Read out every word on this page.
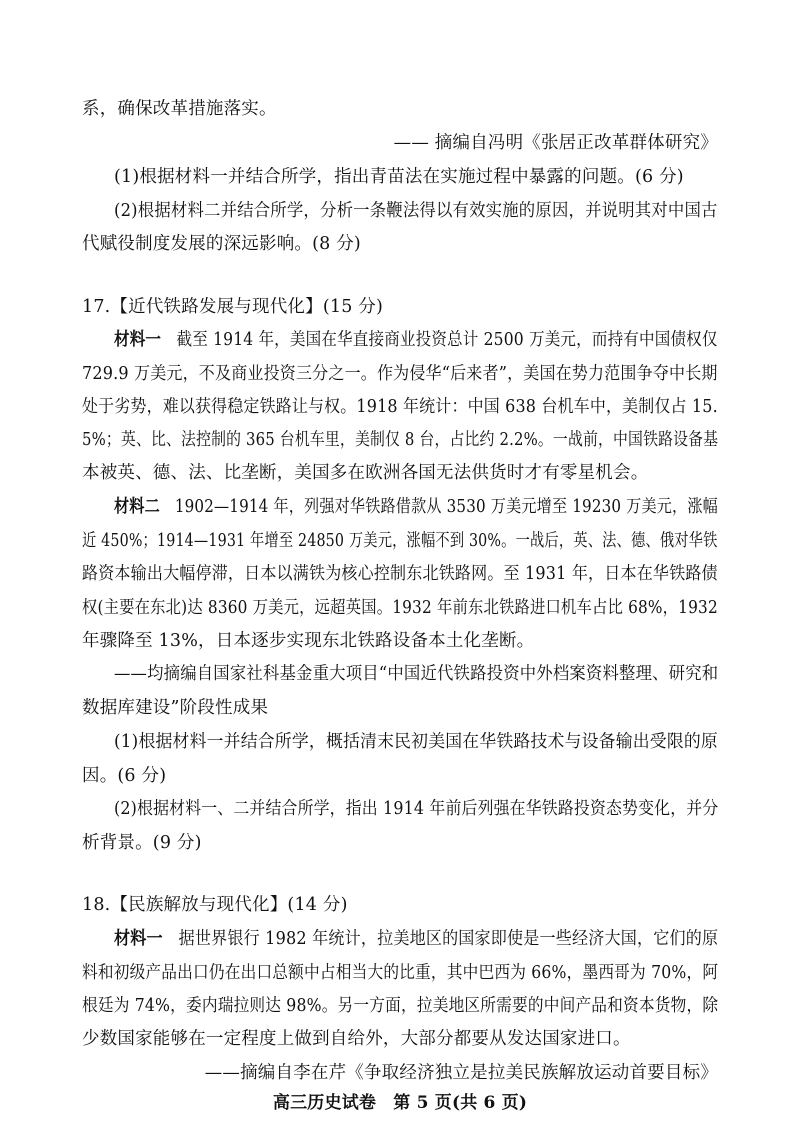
系，确保改革措施落实。
—— 摘编自冯明《张居正改革群体研究》
(1)根据材料一并结合所学，指出青苗法在实施过程中暴露的问题。(6 分)
(2)根据材料二并结合所学，分析一条鞭法得以有效实施的原因，并说明其对中国古
代赋役制度发展的深远影响。(8 分)
17.【近代铁路发展与现代化】(15 分)
材料一 截至 1914 年，美国在华直接商业投资总计 2500 万美元，而持有中国债权仅
729.9 万美元，不及商业投资三分之一。作为侵华“后来者”，美国在势力范围争夺中长期
处于劣势，难以获得稳定铁路让与权。1918 年统计：中国 638 台机车中，美制仅占 15.
5%；英、比、法控制的 365 台机车里，美制仅 8 台，占比约 2.2%。一战前，中国铁路设备基
本被英、德、法、比垄断，美国多在欧洲各国无法供货时才有零星机会。
材料二 1902—1914 年，列强对华铁路借款从 3530 万美元增至 19230 万美元，涨幅
近 450%；1914—1931 年增至 24850 万美元，涨幅不到 30%。一战后，英、法、德、俄对华铁
路资本输出大幅停滞，日本以满铁为核心控制东北铁路网。至 1931 年，日本在华铁路债
权(主要在东北)达 8360 万美元，远超英国。1932 年前东北铁路进口机车占比 68%，1932
年骤降至 13%，日本逐步实现东北铁路设备本土化垄断。
——均摘编自国家社科基金重大项目“中国近代铁路投资中外档案资料整理、研究和
数据库建设”阶段性成果
(1)根据材料一并结合所学，概括清末民初美国在华铁路技术与设备输出受限的原
因。(6 分)
(2)根据材料一、二并结合所学，指出 1914 年前后列强在华铁路投资态势变化，并分
析背景。(9 分)
18.【民族解放与现代化】(14 分)
材料一 据世界银行 1982 年统计，拉美地区的国家即使是一些经济大国，它们的原
料和初级产品出口仍在出口总额中占相当大的比重，其中巴西为 66%，墨西哥为 70%，阿
根廷为 74%，委内瑞拉则达 98%。另一方面，拉美地区所需要的中间产品和资本货物，除
少数国家能够在一定程度上做到自给外，大部分都要从发达国家进口。
——摘编自李在芹《争取经济独立是拉美民族解放运动首要目标》
高三历史试卷　第 5 页(共 6 页)
